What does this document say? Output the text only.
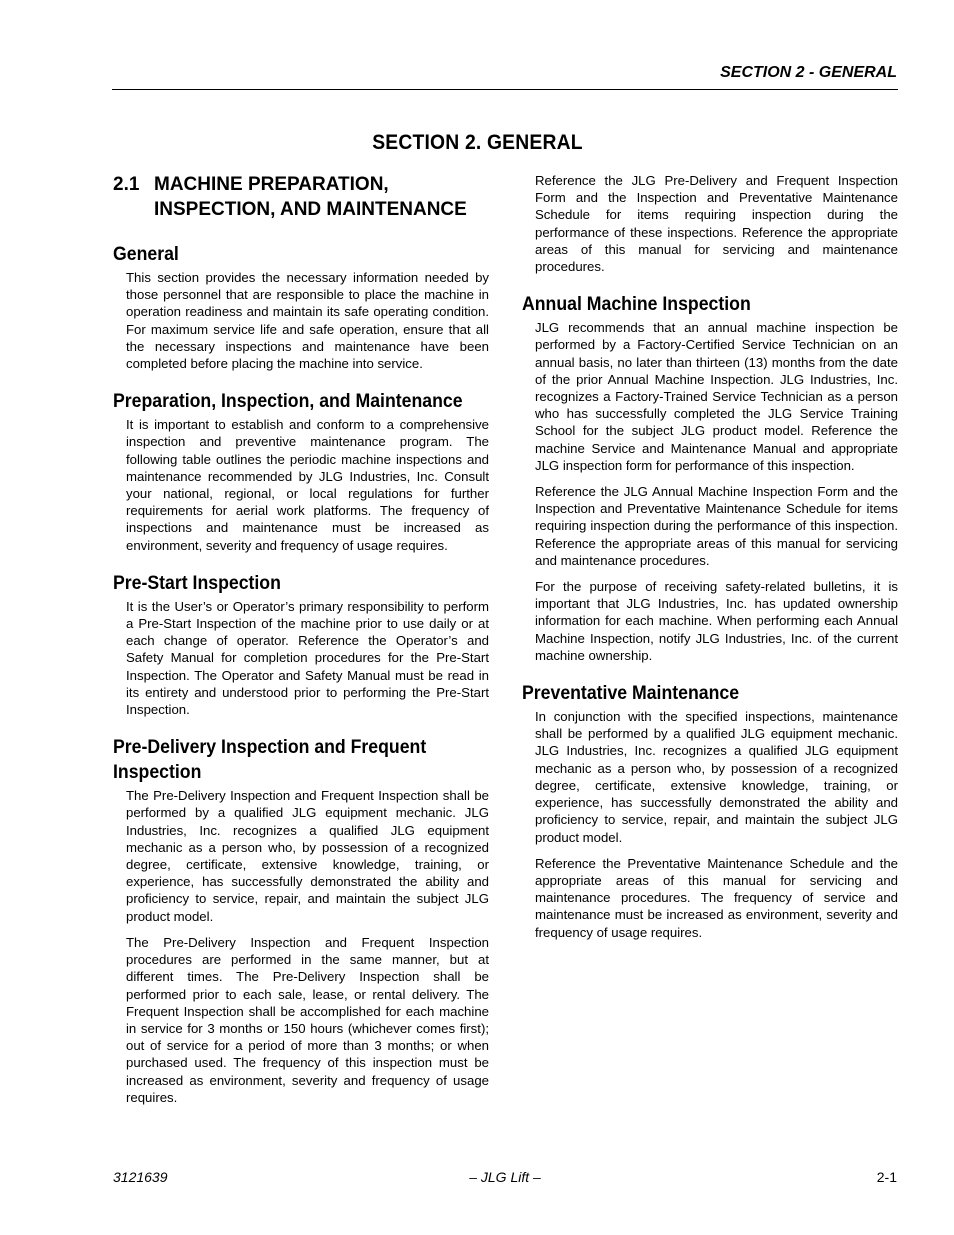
SECTION 2 - GENERAL
SECTION 2. GENERAL
2.1 MACHINE PREPARATION, INSPECTION, AND MAINTENANCE
General

This section provides the necessary information needed by those personnel that are responsible to place the machine in operation readiness and maintain its safe operating condition. For maximum service life and safe operation, ensure that all the necessary inspections and maintenance have been completed before placing the machine into service.

Preparation, Inspection, and Maintenance

It is important to establish and conform to a comprehensive inspection and preventive maintenance program. The following table outlines the periodic machine inspections and maintenance recommended by JLG Industries, Inc. Consult your national, regional, or local regulations for further requirements for aerial work platforms. The frequency of inspections and maintenance must be increased as environment, severity and frequency of usage requires.

Pre-Start Inspection

It is the User’s or Operator’s primary responsibility to perform a Pre-Start Inspection of the machine prior to use daily or at each change of operator. Reference the Operator’s and Safety Manual for completion procedures for the Pre-Start Inspection. The Operator and Safety Manual must be read in its entirety and understood prior to performing the Pre-Start Inspection.

Pre-Delivery Inspection and Frequent Inspection

The Pre-Delivery Inspection and Frequent Inspection shall be performed by a qualified JLG equipment mechanic. JLG Industries, Inc. recognizes a qualified JLG equipment mechanic as a person who, by possession of a recognized degree, certificate, extensive knowledge, training, or experience, has successfully demonstrated the ability and proficiency to service, repair, and maintain the subject JLG product model.

The Pre-Delivery Inspection and Frequent Inspection procedures are performed in the same manner, but at different times. The Pre-Delivery Inspection shall be performed prior to each sale, lease, or rental delivery. The Frequent Inspection shall be accomplished for each machine in service for 3 months or 150 hours (whichever comes first); out of service for a period of more than 3 months; or when purchased used. The frequency of this inspection must be increased as environment, severity and frequency of usage requires.

Reference the JLG Pre-Delivery and Frequent Inspection Form and the Inspection and Preventative Maintenance Schedule for items requiring inspection during the performance of these inspections. Reference the appropriate areas of this manual for servicing and maintenance procedures.

Annual Machine Inspection

JLG recommends that an annual machine inspection be performed by a Factory-Certified Service Technician on an annual basis, no later than thirteen (13) months from the date of the prior Annual Machine Inspection. JLG Industries, Inc. recognizes a Factory-Trained Service Technician as a person who has successfully completed the JLG Service Training School for the subject JLG product model. Reference the machine Service and Maintenance Manual and appropriate JLG inspection form for performance of this inspection.

Reference the JLG Annual Machine Inspection Form and the Inspection and Preventative Maintenance Schedule for items requiring inspection during the performance of this inspection. Reference the appropriate areas of this manual for servicing and maintenance procedures.

For the purpose of receiving safety-related bulletins, it is important that JLG Industries, Inc. has updated ownership information for each machine. When performing each Annual Machine Inspection, notify JLG Industries, Inc. of the current machine ownership.

Preventative Maintenance

In conjunction with the specified inspections, maintenance shall be performed by a qualified JLG equipment mechanic. JLG Industries, Inc. recognizes a qualified JLG equipment mechanic as a person who, by possession of a recognized degree, certificate, extensive knowledge, training, or experience, has successfully demonstrated the ability and proficiency to service, repair, and maintain the subject JLG product model.

Reference the Preventative Maintenance Schedule and the appropriate areas of this manual for servicing and maintenance procedures. The frequency of service and maintenance must be increased as environment, severity and frequency of usage requires.

3121639	– JLG Lift –	2-1
